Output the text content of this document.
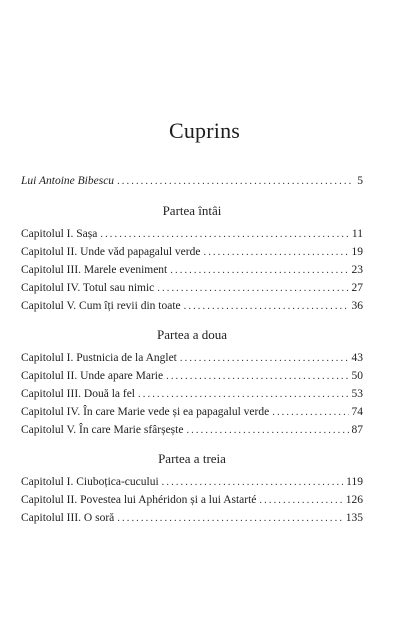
Cuprins
Lui Antoine Bibescu .....	5
Partea întâi
Capitolul I. Sașa .....	11
Capitolul II. Unde văd papagalul verde .....	19
Capitolul III. Marele eveniment .....	23
Capitolul IV. Totul sau nimic .....	27
Capitolul V. Cum îți revii din toate .....	36
Partea a doua
Capitolul I. Pustnicia de la Anglet .....	43
Capitolul II. Unde apare Marie .....	50
Capitolul III. Două la fel .....	53
Capitolul IV. În care Marie vede și ea papagalul verde .....	74
Capitolul V. În care Marie sfârșește .....	87
Partea a treia
Capitolul I. Ciuboțica-cucului .....	119
Capitolul II. Povestea lui Aphéridon și a lui Astarté .....	126
Capitolul III. O soră .....	135
